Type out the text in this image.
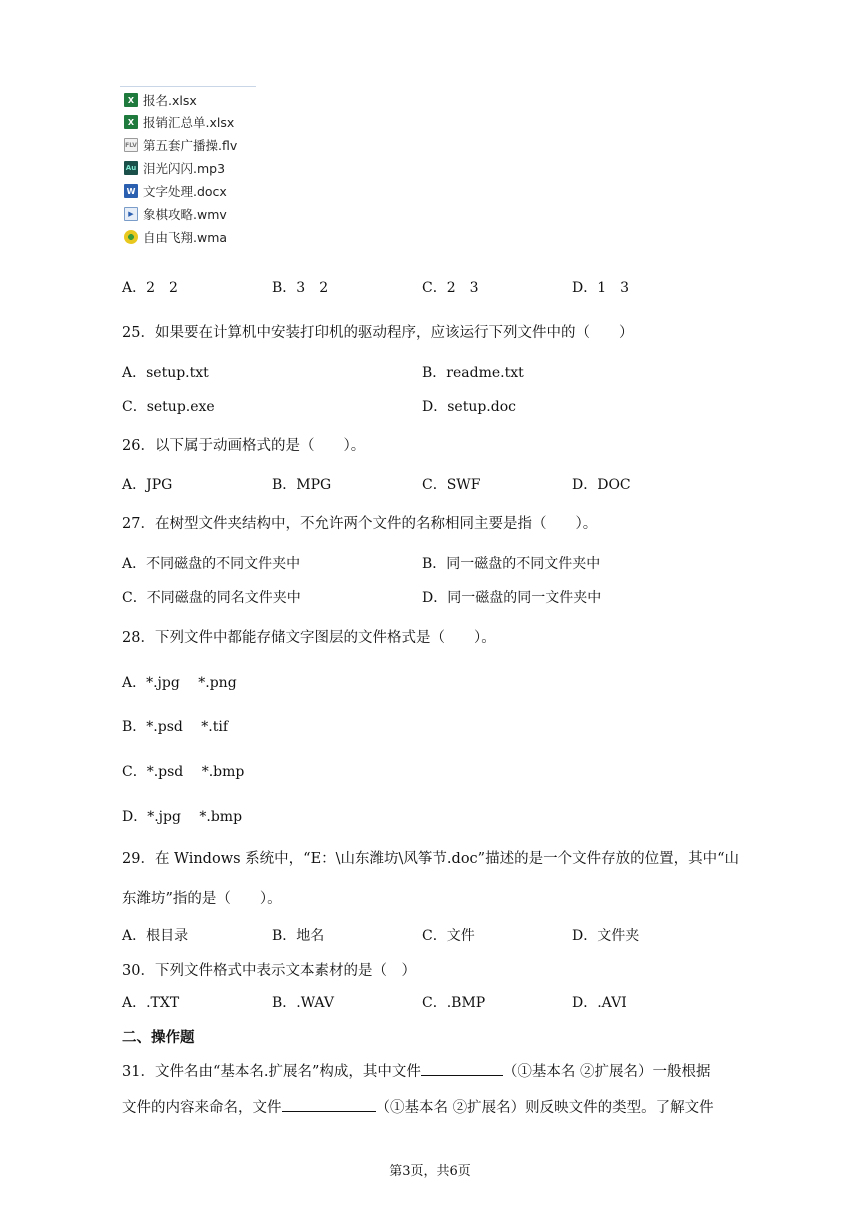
X 报名.xlsx
X 报销汇总单.xlsx
FLV 第五套广播操.flv
Au 泪光闪闪.mp3
W 文字处理.docx
▶ 象棋攻略.wmv
自由飞翔.wma
A．2　2	B．3　2	C．2　3	D．1　3
25．如果要在计算机中安装打印机的驱动程序，应该运行下列文件中的（　　）
A．setup.txt	B．readme.txt
C．setup.exe	D．setup.doc
26．以下属于动画格式的是（　　）。
A．JPG	B．MPG	C．SWF	D．DOC
27．在树型文件夹结构中，不允许两个文件的名称相同主要是指（　　）。
A．不同磁盘的不同文件夹中	B．同一磁盘的不同文件夹中
C．不同磁盘的同名文件夹中	D．同一磁盘的同一文件夹中
28．下列文件中都能存储文字图层的文件格式是（　　）。
A．*.jpg　 *.png
B．*.psd　 *.tif
C．*.psd　 *.bmp
D．*.jpg　 *.bmp
29．在 Windows 系统中，“E：\山东潍坊\风筝节.doc”描述的是一个文件存放的位置，其中“山
东潍坊”指的是（　　）。
A．根目录	B．地名	C．文件	D．文件夹
30．下列文件格式中表示文本素材的是（　）
A．.TXT	B．.WAV	C．.BMP	D．.AVI
二、操作题
31．文件名由“基本名.扩展名”构成，其中文件	（①基本名 ②扩展名）一般根据
文件的内容来命名，文件	（①基本名 ②扩展名）则反映文件的类型。了解文件
第3页，共6页
